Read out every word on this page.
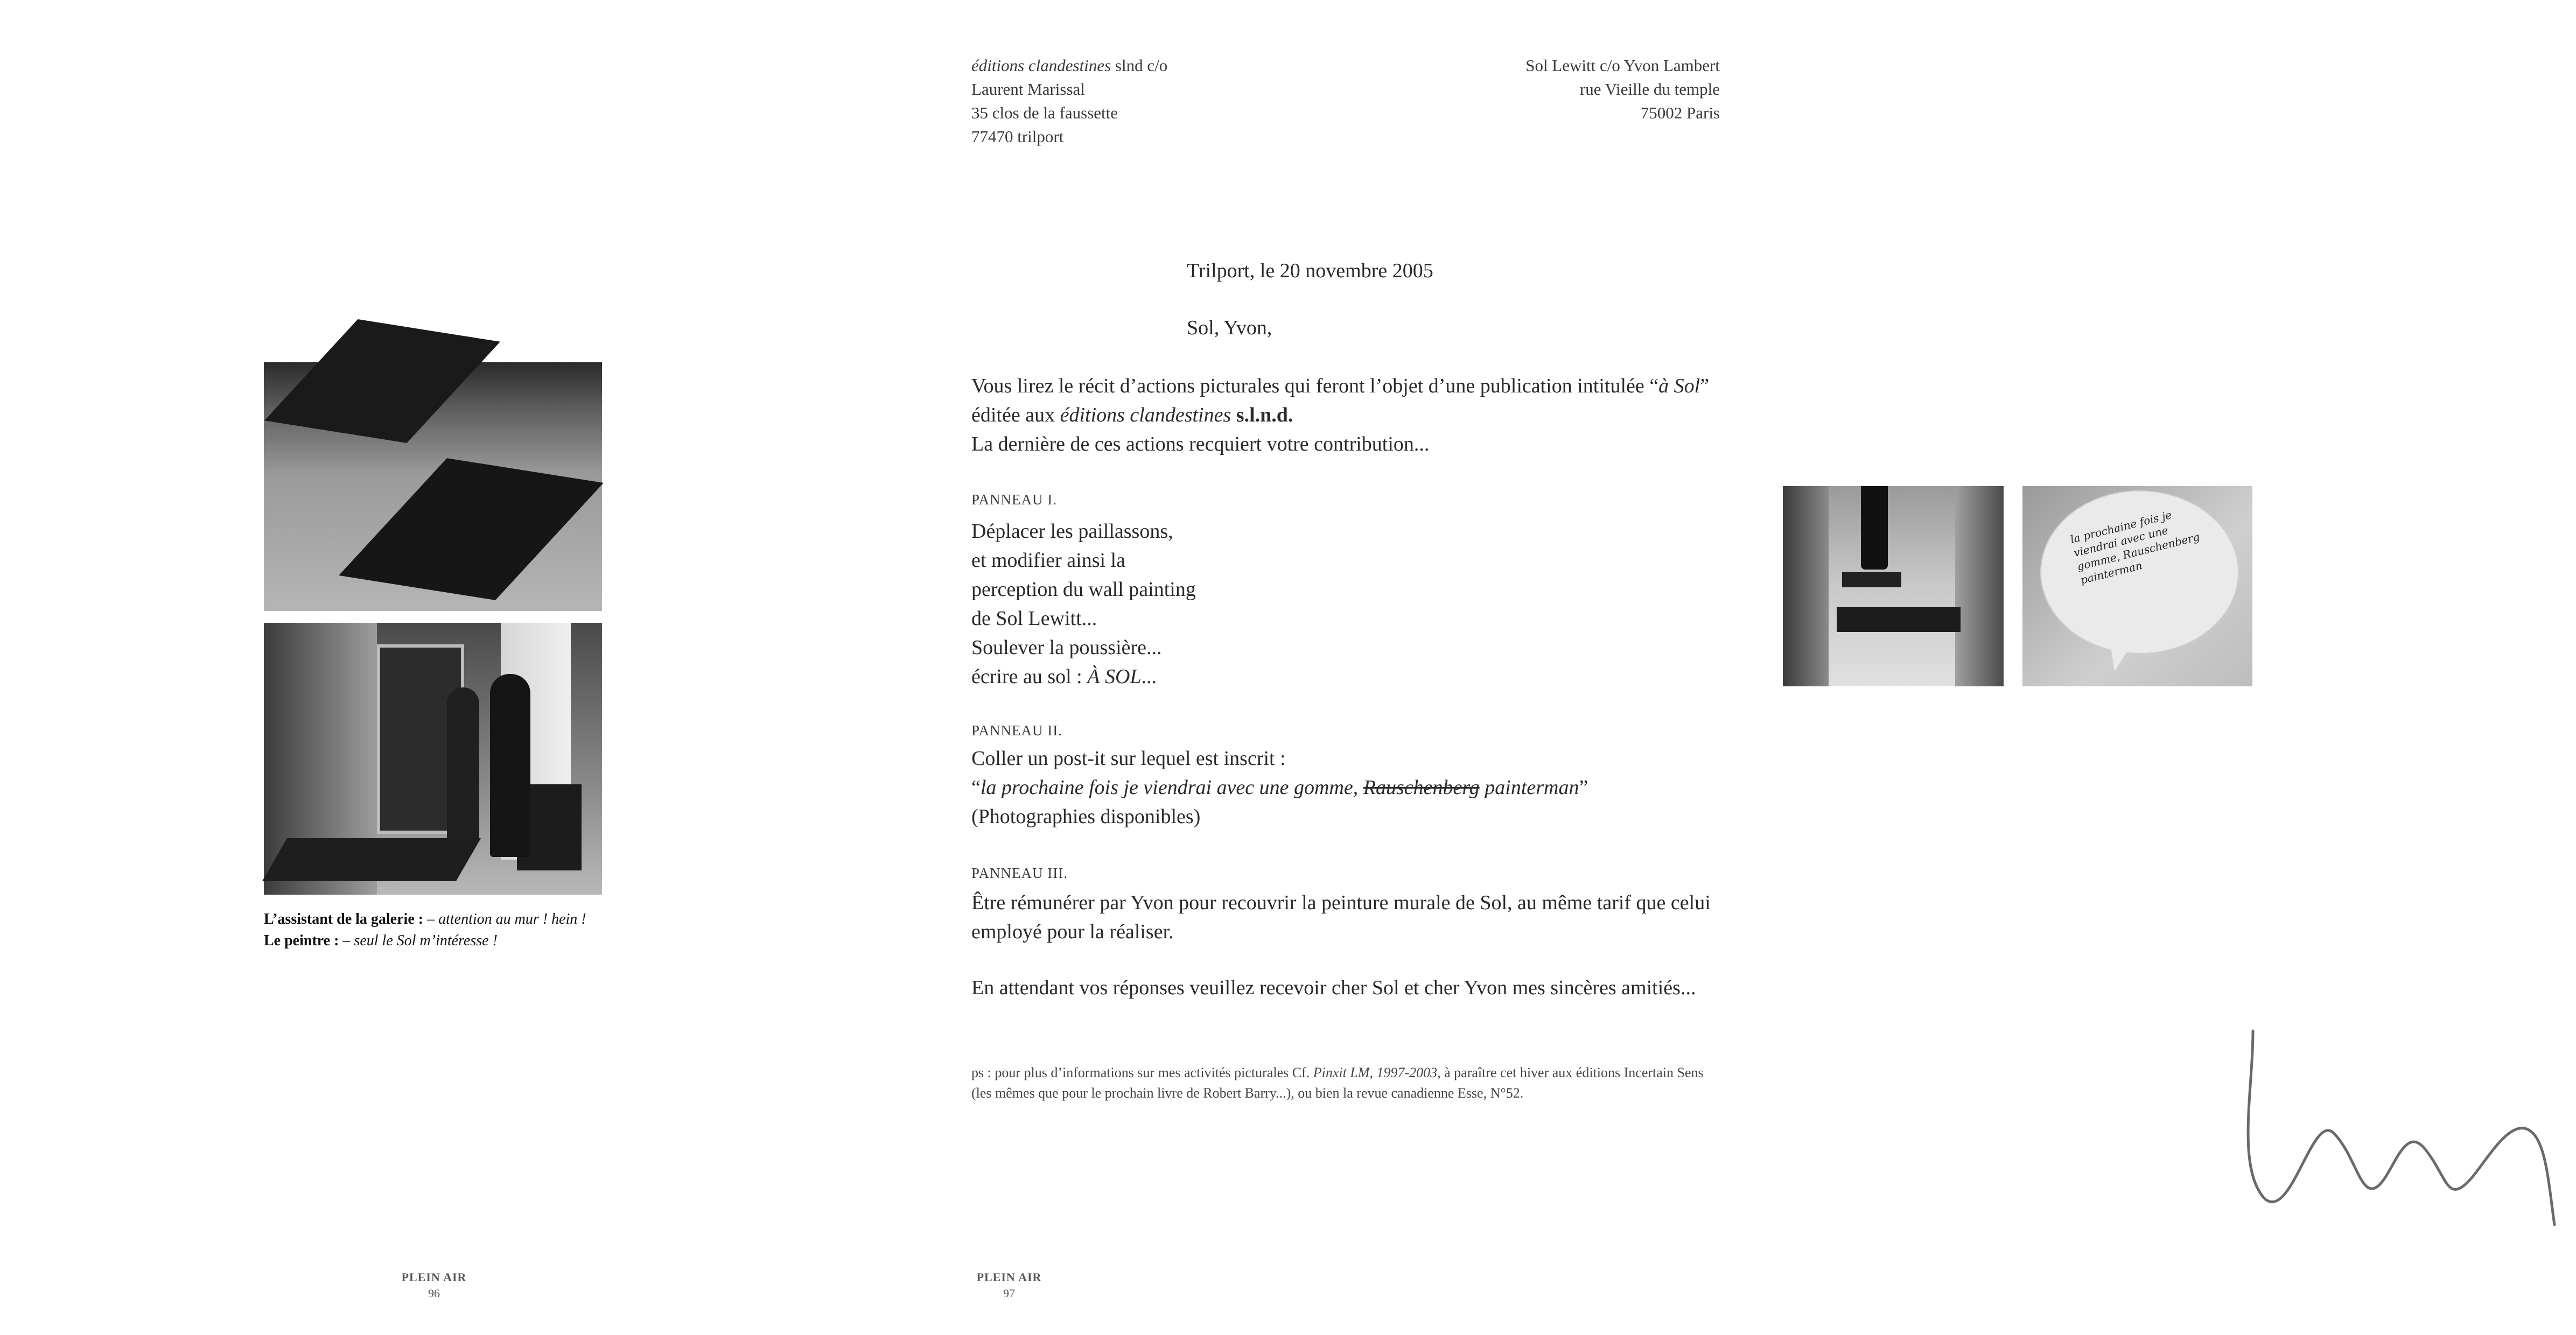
L’assistant de la galerie : – attention au mur ! hein !
Le peintre : – seul le Sol m’intéresse !
PLEIN AIR
96
éditions clandestines slnd c/o
Laurent Marissal
35 clos de la faussette
77470 trilport
Sol Lewitt c/o Yvon Lambert
rue Vieille du temple
75002 Paris
Trilport, le 20 novembre 2005
Sol, Yvon,
Vous lirez le récit d’actions picturales qui feront l’objet d’une publication intitulée “à Sol” éditée aux éditions clandestines s.l.n.d.
La dernière de ces actions recquiert votre contribution...
PANNEAU I.
Déplacer les paillassons,
et modifier ainsi la
perception du wall painting
de Sol Lewitt...
Soulever la poussière...
écrire au sol : À SOL...
la prochaine fois je viendrai avec une gomme, Rauschenberg painterman
PANNEAU II.
Coller un post-it sur lequel est inscrit :
“la prochaine fois je viendrai avec une gomme, Rauschenberg painterman”
(Photographies disponibles)
PANNEAU III.
Être rémunérer par Yvon pour recouvrir la peinture murale de Sol, au même tarif que celui employé pour la réaliser.
En attendant vos réponses veuillez recevoir cher Sol et cher Yvon mes sincères amitiés...
ps : pour plus d’informations sur mes activités picturales Cf. Pinxit LM, 1997-2003, à paraître cet hiver aux éditions Incertain Sens (les mêmes que pour le prochain livre de Robert Barry...), ou bien la revue canadienne Esse, N°52.
PLEIN AIR
97
